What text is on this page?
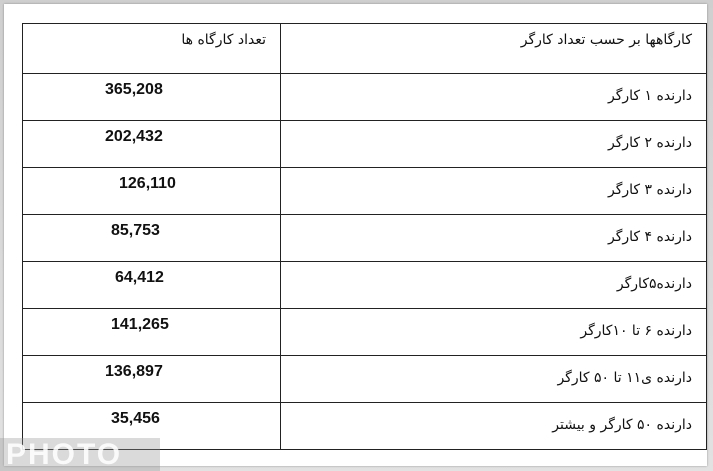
کارگاهها بر حسب تعداد کارگر	تعداد کارگاه ها
دارنده ۱ کارگر	365,208
دارنده ۲ کارگر	202,432
دارنده ۳ کارگر	126,110
دارنده ۴ کارگر	85,753
دارنده۵کارگر	64,412
دارنده ۶ تا ۱۰کارگر	141,265
دارنده ی۱۱ تا ۵۰ کارگر	136,897
دارنده ۵۰ کارگر و بیشتر	35,456
PHOTO
